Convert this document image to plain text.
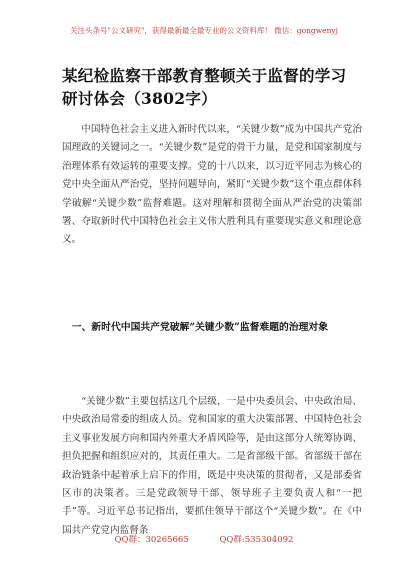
关注头条号"公文研究"，获得最新最全最专业的公文资料库！ 微信：gongwenyj
某纪检监察干部教育整顿关于监督的学习研讨体会（3802字）

中国特色社会主义进入新时代以来，“关键少数”成为中国共产党治国理政的关键词之一。“关键少数”是党的骨干力量，是党和国家制度与治理体系有效运转的重要支撑。党的十八以来，以习近平同志为核心的党中央全面从严治党，坚持问题导向，紧盯“关键少数”这个重点群体科学破解“关键少数”监督难题。这对理解和贯彻全面从严治党的决策部署、夺取新时代中国特色社会主义伟大胜利具有重要现实意义和理论意义。

一、新时代中国共产党破解“关键少数”监督难题的治理对象

“关键少数”主要包括这几个层级，一是中央委员会、中央政治局、中央政治局常委的组成人员。党和国家的重大决策部署、中国特色社会主义事业发展方向和国内外重大矛盾风险等，是由这部分人统筹协调、担负把握和组织应对的，其责任重大。二是省部级干部。省部级干部在政治链条中起着承上启下的作用，既是中央决策的贯彻者，又是部委省区市的决策者。三是党政领导干部、领导班子主要负责人和“一把手”等。习近平总书记指出，要抓住领导干部这个“关键少数”。在《中国共产党党内监督条

QQ群：30265665	QQ群:535304092
